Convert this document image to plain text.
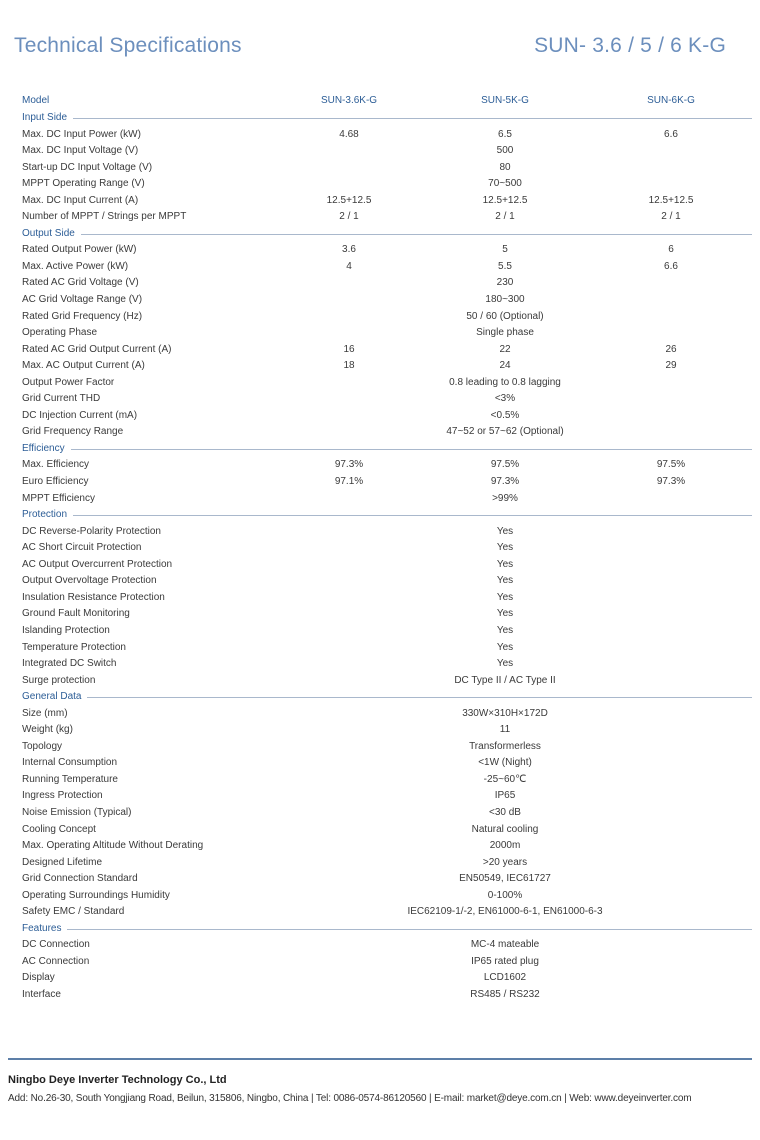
Technical Specifications	SUN- 3.6 / 5 / 6 K-G
Model	SUN-3.6K-G	SUN-5K-G	SUN-6K-G
Input Side
Max. DC Input Power (kW)	4.68	6.5	6.6
Max. DC Input Voltage (V)	500
Start-up DC Input Voltage (V)	80
MPPT Operating Range (V)	70~500
Max. DC Input Current (A)	12.5+12.5	12.5+12.5	12.5+12.5
Number of MPPT / Strings per MPPT	2 / 1	2 / 1	2 / 1
Output Side
Rated Output Power (kW)	3.6	5	6
Max. Active Power (kW)	4	5.5	6.6
Rated AC Grid Voltage (V)	230
AC Grid Voltage Range (V)	180~300
Rated Grid Frequency (Hz)	50 / 60 (Optional)
Operating Phase	Single phase
Rated AC Grid Output Current (A)	16	22	26
Max. AC Output Current (A)	18	24	29
Output Power Factor	0.8 leading to 0.8 lagging
Grid Current THD	<3%
DC Injection Current (mA)	<0.5%
Grid Frequency Range	47~52 or 57~62 (Optional)
Efficiency
Max. Efficiency	97.3%	97.5%	97.5%
Euro Efficiency	97.1%	97.3%	97.3%
MPPT Efficiency	>99%
Protection
DC Reverse-Polarity Protection	Yes
AC Short Circuit Protection	Yes
AC Output Overcurrent Protection	Yes
Output Overvoltage Protection	Yes
Insulation Resistance Protection	Yes
Ground Fault Monitoring	Yes
Islanding Protection	Yes
Temperature Protection	Yes
Integrated DC Switch	Yes
Surge protection	DC Type II / AC Type II
General Data
Size (mm)	330W×310H×172D
Weight (kg)	11
Topology	Transformerless
Internal Consumption	<1W (Night)
Running Temperature	-25~60℃
Ingress Protection	IP65
Noise Emission (Typical)	<30 dB
Cooling Concept	Natural cooling
Max. Operating Altitude Without Derating	2000m
Designed Lifetime	>20 years
Grid Connection Standard	EN50549, IEC61727
Operating Surroundings Humidity	0-100%
Safety EMC / Standard	IEC62109-1/-2, EN61000-6-1, EN61000-6-3
Features
DC Connection	MC-4 mateable
AC Connection	IP65 rated plug
Display	LCD1602
Interface	RS485 / RS232
Ningbo Deye Inverter Technology Co., Ltd
Add: No.26-30, South Yongjiang Road, Beilun, 315806, Ningbo, China | Tel: 0086-0574-86120560 | E-mail: market@deye.com.cn | Web: www.deyeinverter.com
